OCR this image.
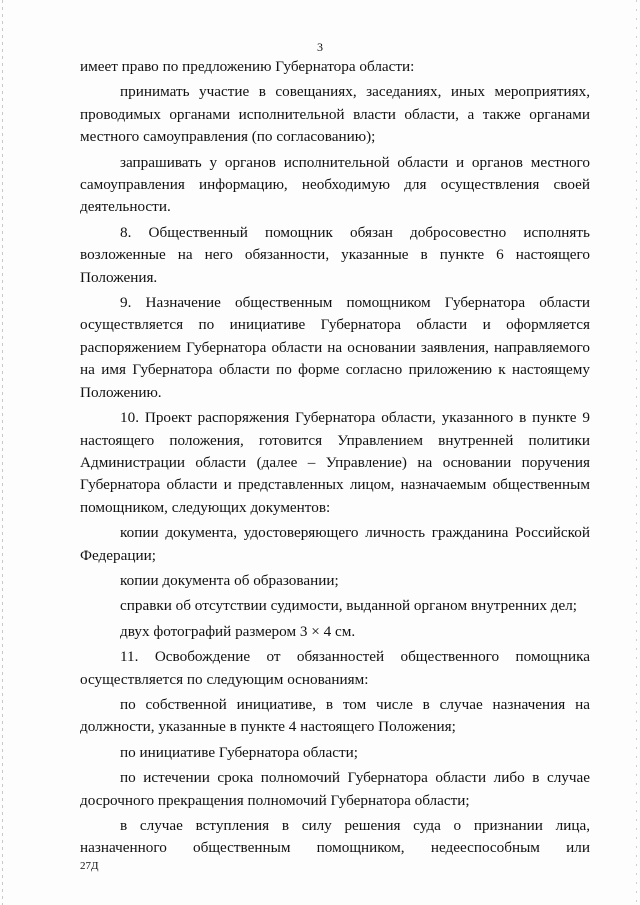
3

имеет право по предложению Губернатора области:

принимать участие в совещаниях, заседаниях, иных мероприятиях, проводимых органами исполнительной власти области, а также органами местного самоуправления (по согласованию);

запрашивать у органов исполнительной области и органов местного самоуправления информацию, необходимую для осуществления своей деятельности.

8. Общественный помощник обязан добросовестно исполнять возложенные на него обязанности, указанные в пункте 6 настоящего Положения.

9. Назначение общественным помощником Губернатора области осуществляется по инициативе Губернатора области и оформляется распоряжением Губернатора области на основании заявления, направляемого на имя Губернатора области по форме согласно приложению к настоящему Положению.

10. Проект распоряжения Губернатора области, указанного в пункте 9 настоящего положения, готовится Управлением внутренней политики Администрации области (далее – Управление) на основании поручения Губернатора области и представленных лицом, назначаемым общественным помощником, следующих документов:

копии документа, удостоверяющего личность гражданина Российской Федерации;

копии документа об образовании;

справки об отсутствии судимости, выданной органом внутренних дел;

двух фотографий размером 3 × 4 см.

11. Освобождение от обязанностей общественного помощника осуществляется по следующим основаниям:

по собственной инициативе, в том числе в случае назначения на должности, указанные в пункте 4 настоящего Положения;

по инициативе Губернатора области;

по истечении срока полномочий Губернатора области либо в случае досрочного прекращения полномочий Губернатора области;

в случае вступления в силу решения суда о признании лица, назначенного общественным помощником, недееспособным или

27Д
